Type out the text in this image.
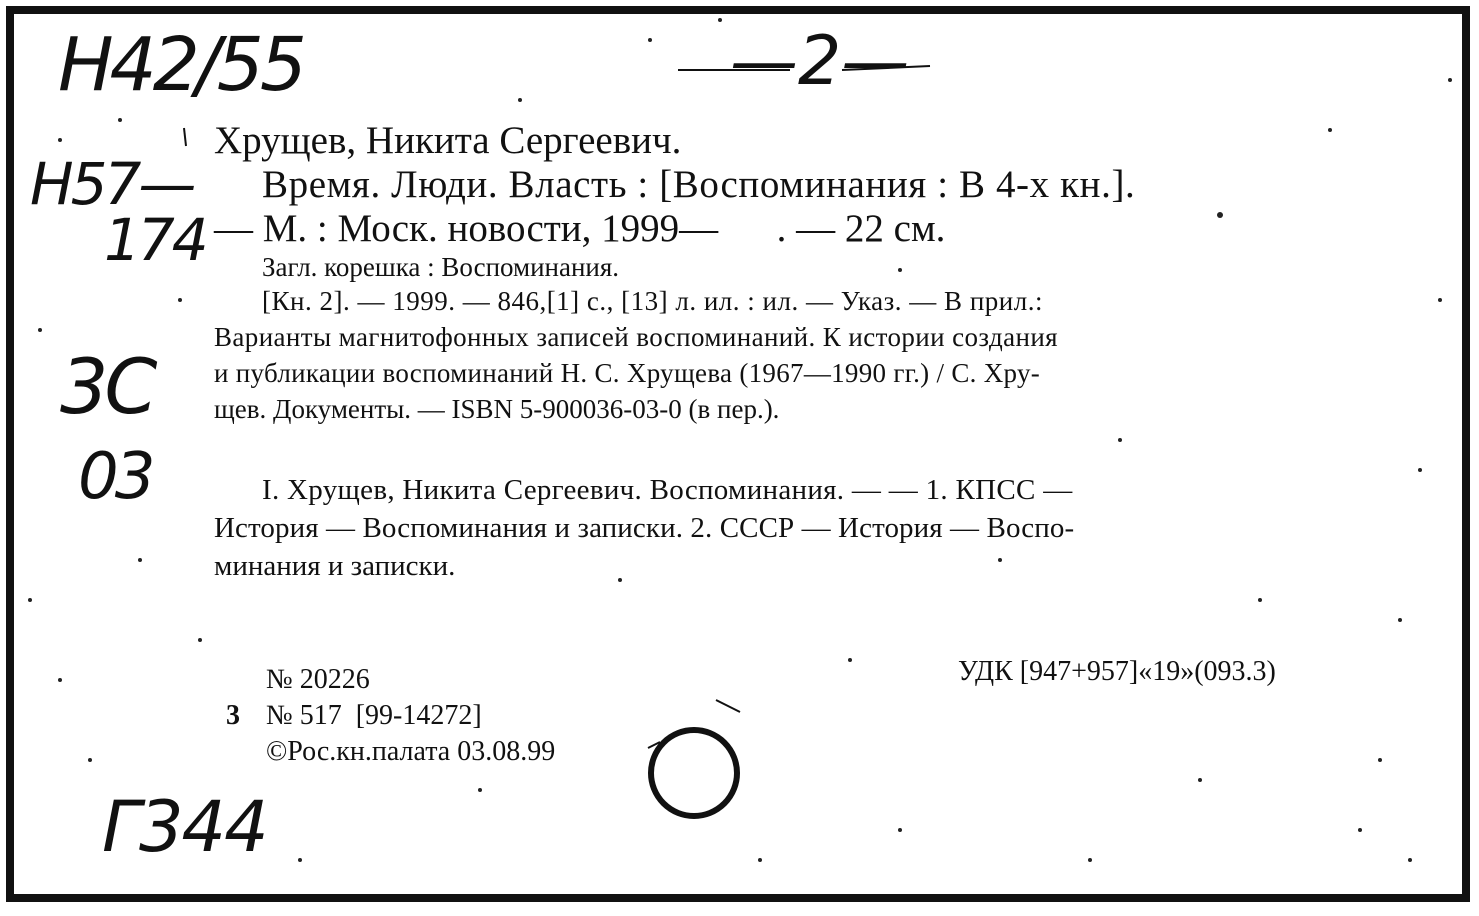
H42/55	—2—
H57—
174
3C
03
Г344
Хрущев, Никита Сергеевич.
Время. Люди. Власть : [Воспоминания : В 4-х кн.].
— М. : Моск. новости, 1999—      . — 22 см.
Загл. корешка : Воспоминания.
[Кн. 2]. — 1999. — 846,[1] с., [13] л. ил. : ил. — Указ. — В прил.:
Варианты магнитофонных записей воспоминаний. К истории создания
и публикации воспоминаний Н. С. Хрущева (1967—1990 гг.) / С. Хру-
щев. Документы. — ISBN 5-900036-03-0 (в пер.).
I. Хрущев, Никита Сергеевич. Воспоминания. — — 1. КПСС —
История — Воспоминания и записки. 2. СССР — История — Воспо-
минания и записки.
№ 20226
3 № 517  [99-14272]
©Рос.кн.палата 03.08.99
УДК [947+957]«19»(093.3)
